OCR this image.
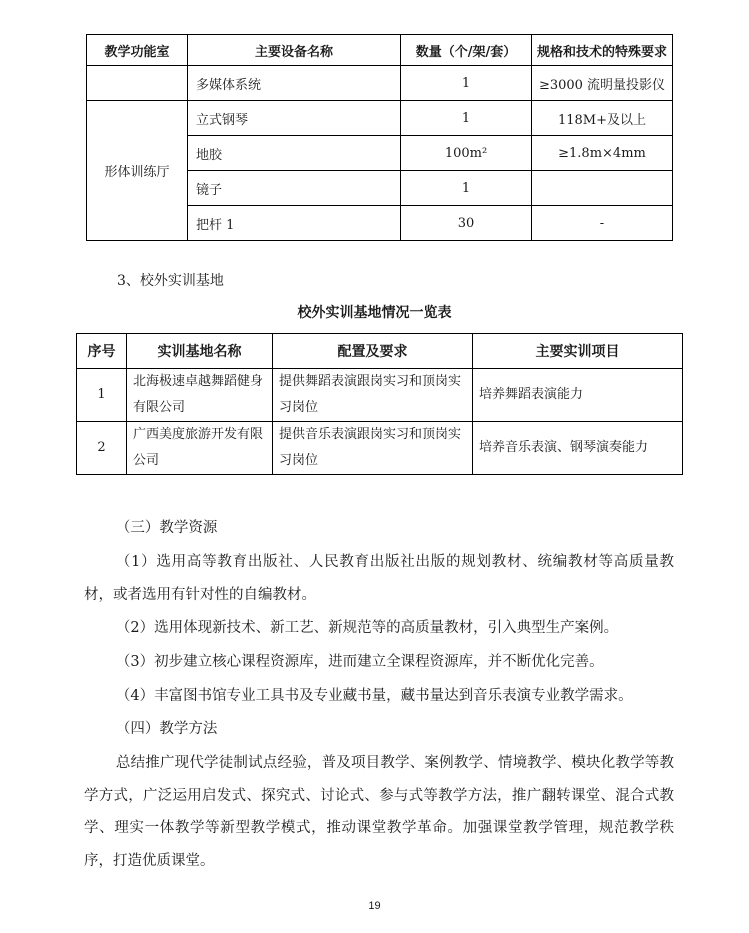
教学功能室	主要设备名称	数量（个/架/套）	规格和技术的特殊要求
	多媒体系统	1	≥3000 流明量投影仪
形体训练厅	立式钢琴	1	118M+及以上
	地胶	100m²	≥1.8m×4mm
	镜子	1	
	把杆 1	30	-
3、校外实训基地
校外实训基地情况一览表
序号	实训基地名称	配置及要求	主要实训项目
1	北海极速卓越舞蹈健身有限公司	提供舞蹈表演跟岗实习和顶岗实习岗位	培养舞蹈表演能力
2	广西美度旅游开发有限公司	提供音乐表演跟岗实习和顶岗实习岗位	培养音乐表演、钢琴演奏能力
（三）教学资源
（1）选用高等教育出版社、人民教育出版社出版的规划教材、统编教材等高质量教材，或者选用有针对性的自编教材。
（2）选用体现新技术、新工艺、新规范等的高质量教材，引入典型生产案例。
（3）初步建立核心课程资源库，进而建立全课程资源库，并不断优化完善。
（4）丰富图书馆专业工具书及专业藏书量，藏书量达到音乐表演专业教学需求。
（四）教学方法
总结推广现代学徒制试点经验，普及项目教学、案例教学、情境教学、模块化教学等教学方式，广泛运用启发式、探究式、讨论式、参与式等教学方法，推广翻转课堂、混合式教学、理实一体教学等新型教学模式，推动课堂教学革命。加强课堂教学管理，规范教学秩序，打造优质课堂。
19
